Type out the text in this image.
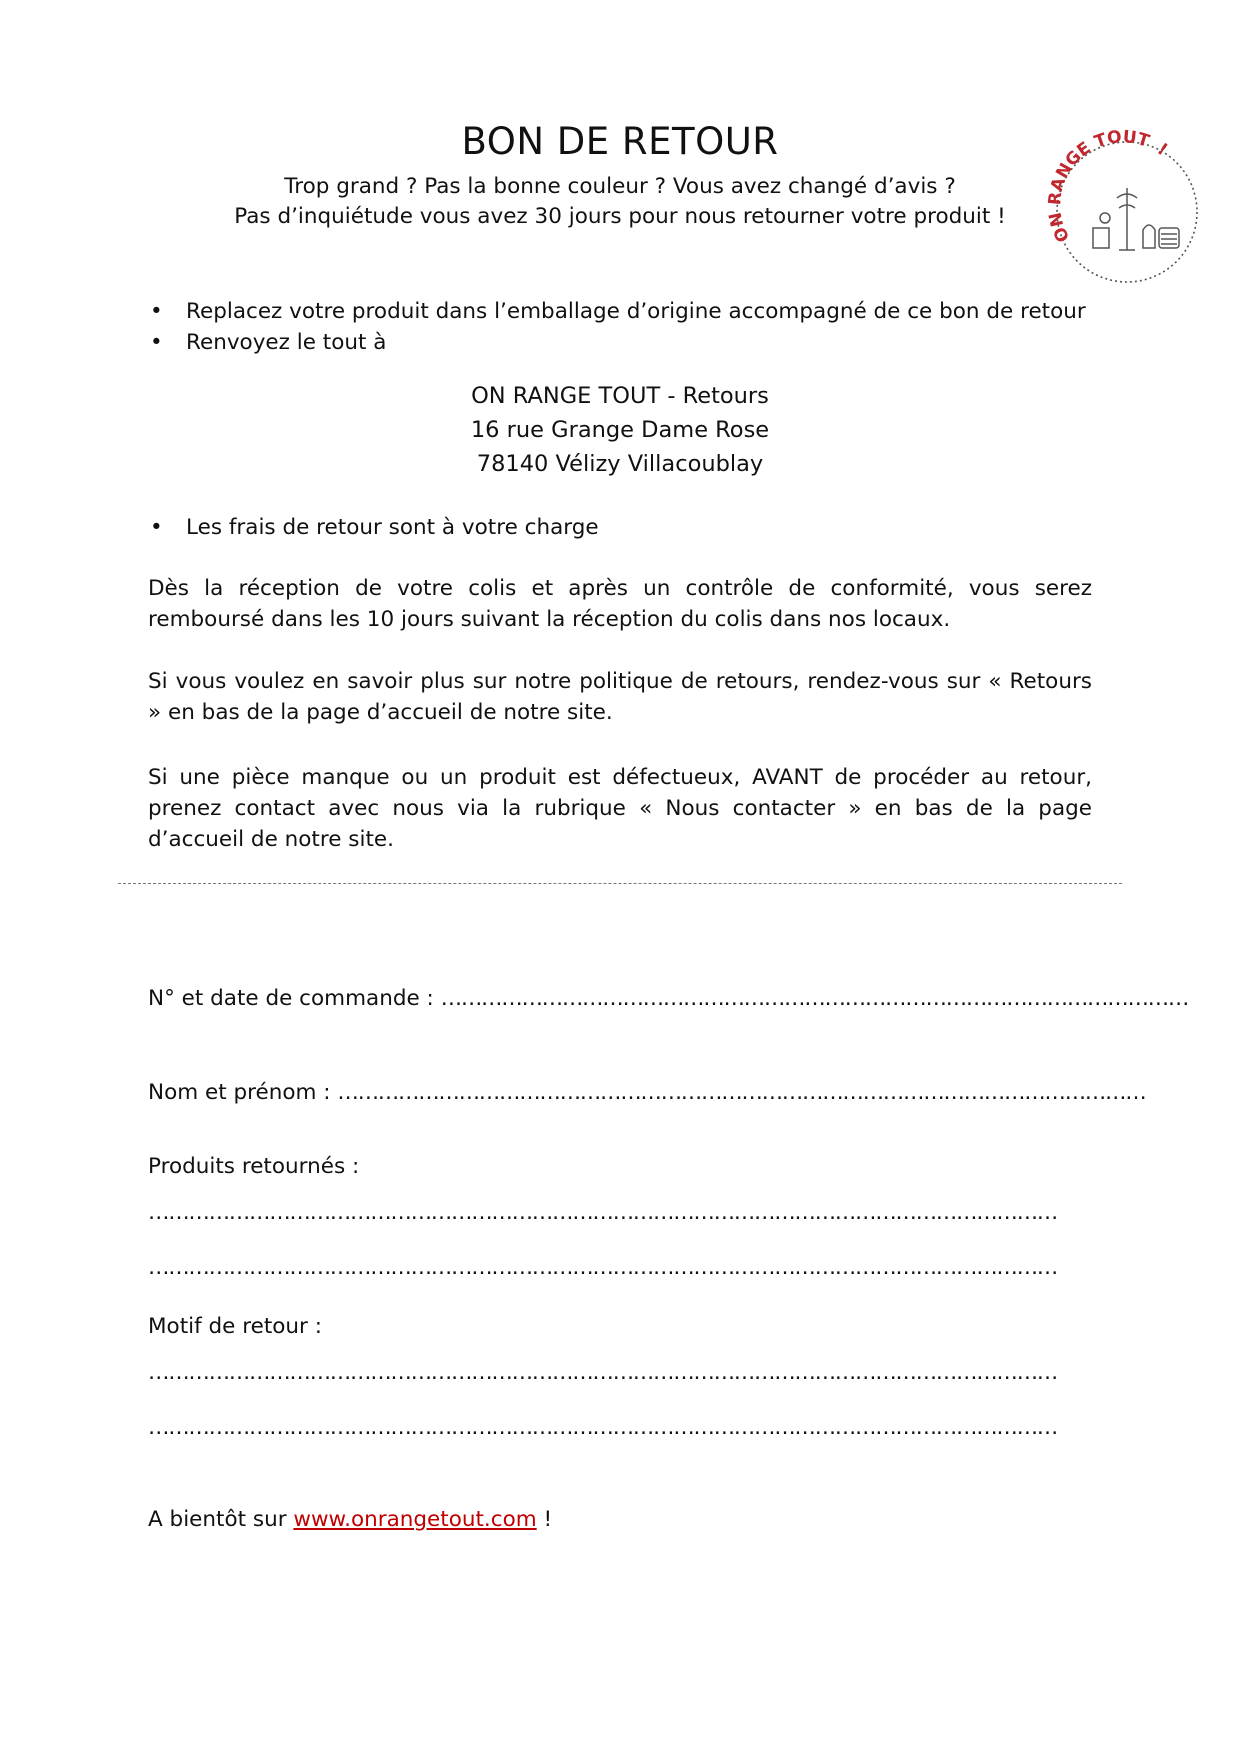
BON DE RETOUR

Trop grand ? Pas la bonne couleur ? Vous avez changé d’avis ?

Pas d’inquiétude vous avez 30 jours pour nous retourner votre produit !

ON RANGE TOUT !
• Replacez votre produit dans l’emballage d’origine accompagné de ce bon de retour
• Renvoyez le tout à
ON RANGE TOUT - Retours
16 rue Grange Dame Rose
78140 Vélizy Villacoublay
• Les frais de retour sont à votre charge

Dès la réception de votre colis et après un contrôle de conformité, vous serez remboursé dans les 10 jours suivant la réception du colis dans nos locaux.

Si vous voulez en savoir plus sur notre politique de retours, rendez-vous sur « Retours » en bas de la page d’accueil de notre site.

Si une pièce manque ou un produit est défectueux, AVANT de procéder au retour, prenez contact avec nous via la rubrique « Nous contacter » en bas de la page d’accueil de notre site.

N° et date de commande : …………………………………………………………………………………………………
Nom et prénom : …………………………………………………………………………………………………………
Produits retournés :
………………………………………………………………………………………………………………………
………………………………………………………………………………………………………………………
Motif de retour :
………………………………………………………………………………………………………………………
………………………………………………………………………………………………………………………
A bientôt sur www.onrangetout.com !
